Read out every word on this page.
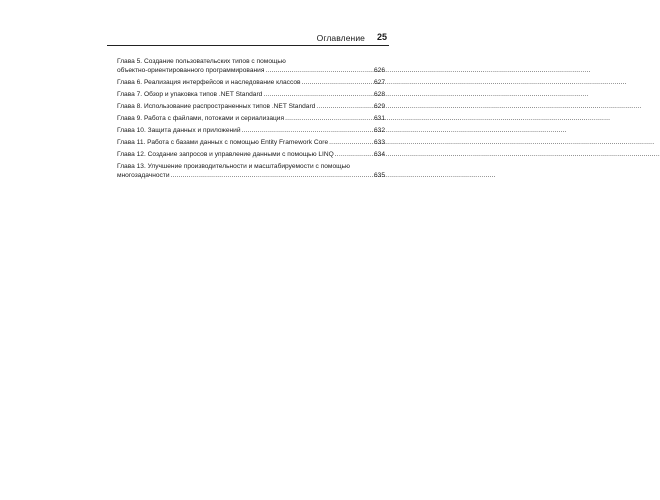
Оглавление 25
Глава 5. Создание пользовательских типов с помощью
объектно-ориентированного программирования .....	626
Глава 6. Реализация интерфейсов и наследование классов .....	627
Глава 7. Обзор и упаковка типов .NET Standard .....	628
Глава 8. Использование распространенных типов .NET Standard .....	629
Глава 9. Работа с файлами, потоками и сериализация .....	631
Глава 10. Защита данных и приложений .....	632
Глава 11. Работа с базами данных с помощью Entity Framework Core .....	633
Глава 12. Создание запросов и управление данными с помощью LINQ .....	634
Глава 13. Улучшение производительности и масштабируемости с помощью
многозадачности .....	635
